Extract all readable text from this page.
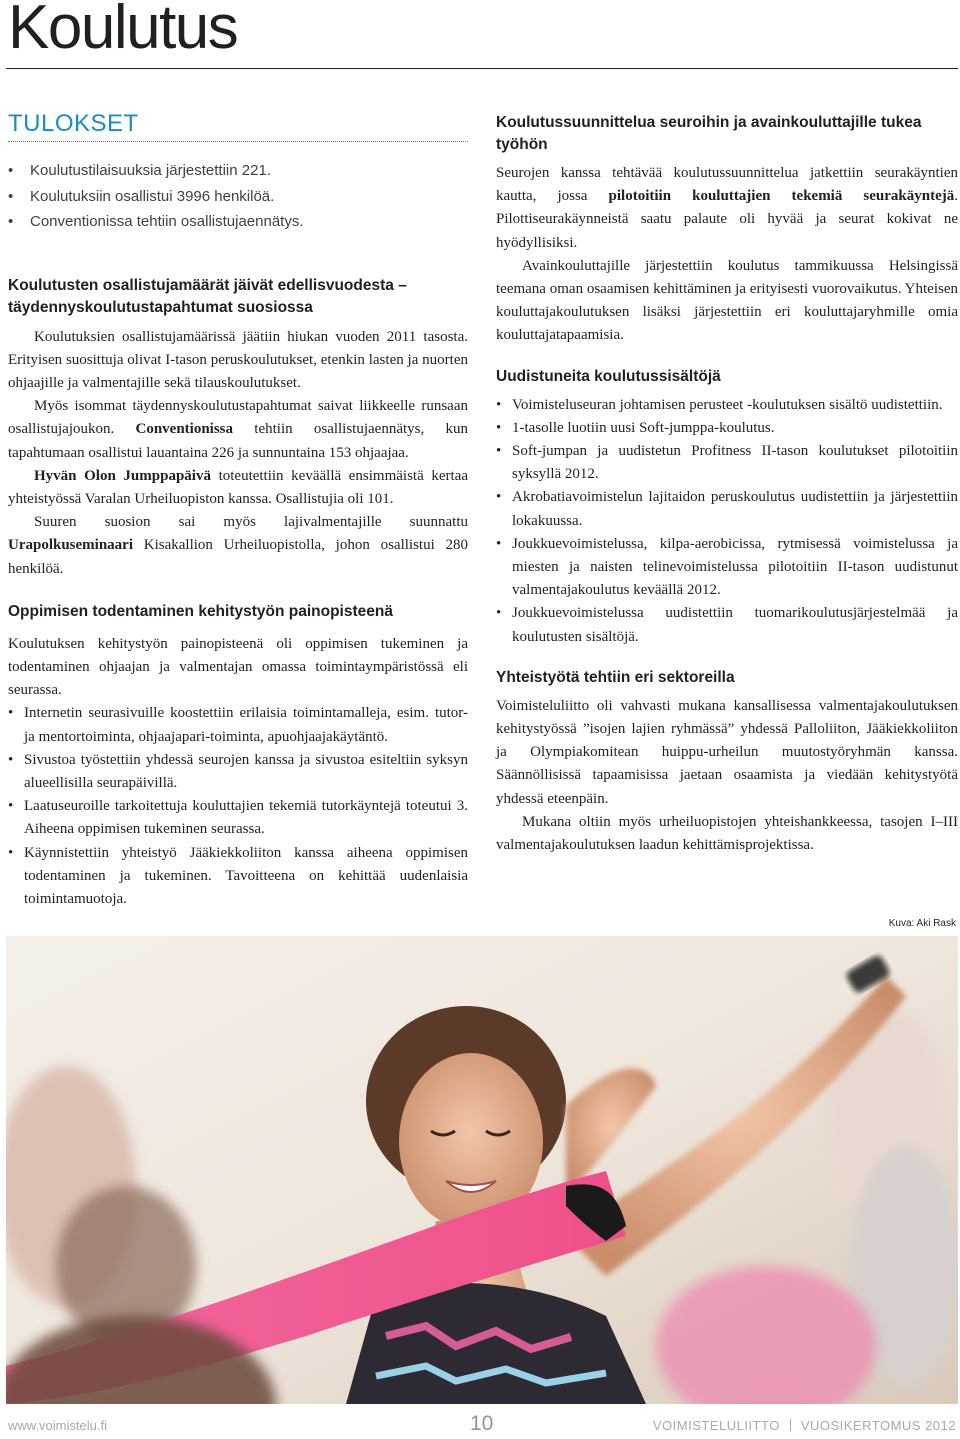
Koulutus
TULOKSET
• Koulutustilaisuuksia järjestettiin 221.
• Koulutuksiin osallistui 3996 henkilöä.
• Conventionissa tehtiin osallistujaennätys.
Koulutusten osallistujamäärät jäivät edellisvuodesta – täydennyskoulutustapahtumat suosiossa

Koulutuksien osallistujamäärissä jäätiin hiukan vuoden 2011 tasosta. Erityisen suosittuja olivat I-tason peruskoulutukset, etenkin lasten ja nuorten ohjaajille ja valmentajille sekä tilauskoulutukset.

Myös isommat täydennyskoulutustapahtumat saivat liikkeelle runsaan osallistujajoukon. Conventionissa tehtiin osallistujaennätys, kun tapahtumaan osallistui lauantaina 226 ja sunnuntaina 153 ohjaajaa.

Hyvän Olon Jumppapäivä toteutettiin keväällä ensimmäistä kertaa yhteistyössä Varalan Urheiluopiston kanssa. Osallistujia oli 101.

Suuren suosion sai myös lajivalmentajille suunnattu Urapolkuseminaari Kisakallion Urheiluopistolla, johon osallistui 280 henkilöä.

Oppimisen todentaminen kehitystyön painopisteenä

Koulutuksen kehitystyön painopisteenä oli oppimisen tukeminen ja todentaminen ohjaajan ja valmentajan omassa toimintaympäristössä eli seurassa.

• Internetin seurasivuille koostettiin erilaisia toimintamalleja, esim. tutor- ja mentortoiminta, ohjaajapari-toiminta, apuohjaajakäytäntö.
• Sivustoa työstettiin yhdessä seurojen kanssa ja sivustoa esiteltiin syksyn alueellisilla seurapäivillä.
• Laatuseuroille tarkoitettuja kouluttajien tekemiä tutorkäyntejä toteutui 3. Aiheena oppimisen tukeminen seurassa.
• Käynnistettiin yhteistyö Jääkiekkoliiton kanssa aiheena oppimisen todentaminen ja tukeminen. Tavoitteena on kehittää uudenlaisia toimintamuotoja.
Koulutussuunnittelua seuroihin ja avainkouluttajille tukea työhön

Seurojen kanssa tehtävää koulutussuunnittelua jatkettiin seurakäyntien kautta, jossa pilotoitiin kouluttajien tekemiä seurakäyntejä. Pilottiseurakäynneistä saatu palaute oli hyvää ja seurat kokivat ne hyödyllisiksi.

Avainkouluttajille järjestettiin koulutus tammikuussa Helsingissä teemana oman osaamisen kehittäminen ja erityisesti vuorovaikutus. Yhteisen kouluttajakoulutuksen lisäksi järjestettiin eri kouluttajaryhmille omia kouluttajatapaamisia.

Uudistuneita koulutussisältöjä
• Voimisteluseuran johtamisen perusteet -koulutuksen sisältö uudistettiin.
• 1-tasolle luotiin uusi Soft-jumppa-koulutus.
• Soft-jumpan ja uudistetun Profitness II-tason koulutukset pilotoitiin syksyllä 2012.
• Akrobatiavoimistelun lajitaidon peruskoulutus uudistettiin ja järjestettiin lokakuussa.
• Joukkuevoimistelussa, kilpa-aerobicissa, rytmisessä voimistelussa ja miesten ja naisten telinevoimistelussa pilotoitiin II-tason uudistunut valmentajakoulutus keväällä 2012.
• Joukkuevoimistelussa uudistettiin tuomarikoulutusjärjestelmää ja koulutusten sisältöjä.
Yhteistyötä tehtiin eri sektoreilla

Voimisteluliitto oli vahvasti mukana kansallisessa valmentajakoulutuksen kehitystyössä ”isojen lajien ryhmässä” yhdessä Palloliiton, Jääkiekkoliiton ja Olympiakomitean huippu-urheilun muutostyöryhmän kanssa. Säännöllisissä tapaamisissa jaetaan osaamista ja viedään kehitystyötä yhdessä eteenpäin.

Mukana oltiin myös urheiluopistojen yhteishankkeessa, tasojen I–III valmentajakoulutuksen laadun kehittämisprojektissa.

Kuva: Aki Rask
www.voimistelu.fi	10	VOIMISTELULIITTO VUOSIKERTOMUS 2012
